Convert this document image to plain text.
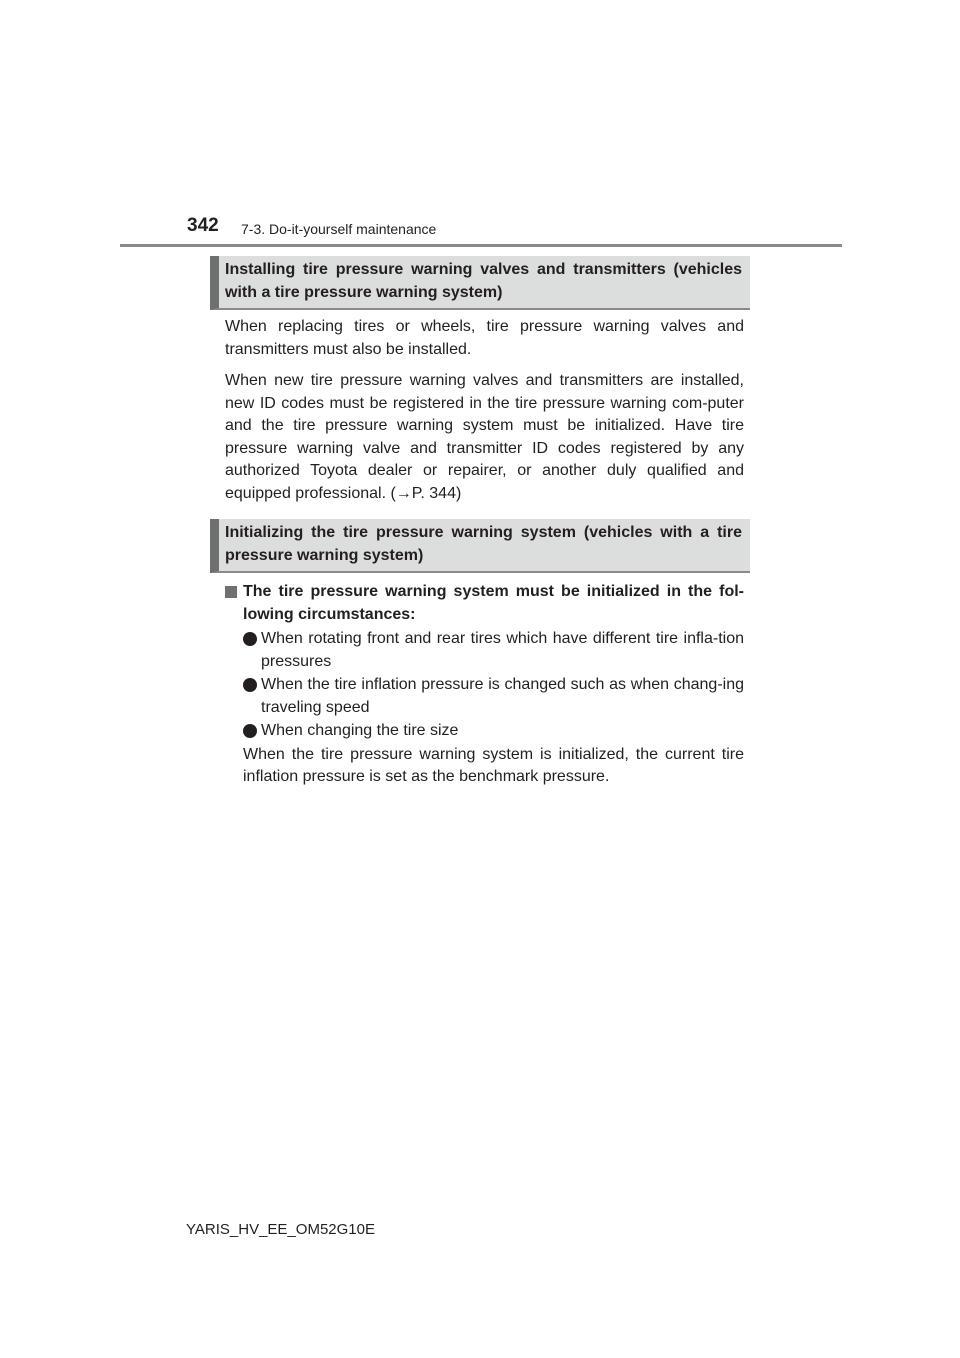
342 7-3. Do-it-yourself maintenance
Installing tire pressure warning valves and transmitters (vehicles with a tire pressure warning system)

When replacing tires or wheels, tire pressure warning valves and transmitters must also be installed.

When new tire pressure warning valves and transmitters are installed, new ID codes must be registered in the tire pressure warning com-puter and the tire pressure warning system must be initialized. Have tire pressure warning valve and transmitter ID codes registered by any authorized Toyota dealer or repairer, or another duly qualified and equipped professional. (→P. 344)

Initializing the tire pressure warning system (vehicles with a tire pressure warning system)
The tire pressure warning system must be initialized in the fol-lowing circumstances:
When rotating front and rear tires which have different tire infla-tion pressures
When the tire inflation pressure is changed such as when chang-ing traveling speed
When changing the tire size
When the tire pressure warning system is initialized, the current tire inflation pressure is set as the benchmark pressure.
YARIS_HV_EE_OM52G10E
